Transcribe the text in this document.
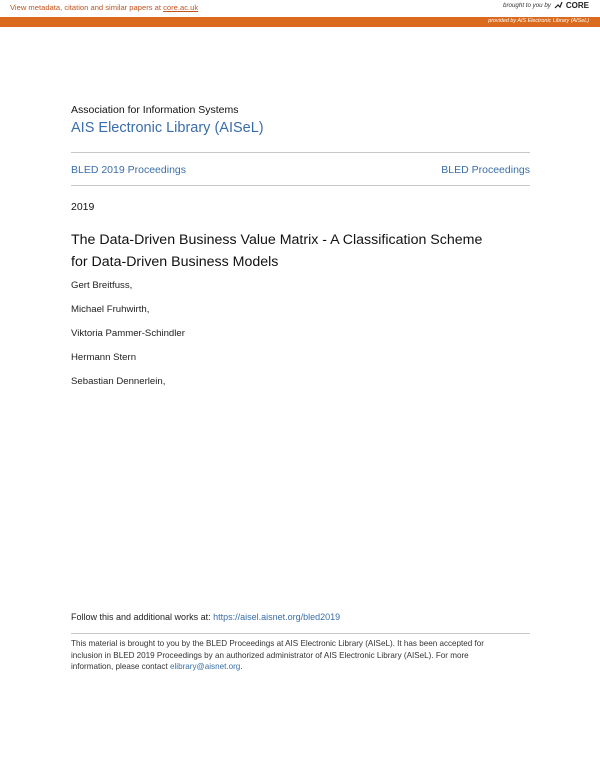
View metadata, citation and similar papers at core.ac.uk	brought to you by CORE
provided by AIS Electronic Library (AISeL)
Association for Information Systems
AIS Electronic Library (AISeL)
BLED 2019 Proceedings	BLED Proceedings
2019
The Data-Driven Business Value Matrix - A Classification Scheme
for Data-Driven Business Models
Gert Breitfuss,
Michael Fruhwirth,
Viktoria Pammer-Schindler
Hermann Stern
Sebastian Dennerlein,
Follow this and additional works at: https://aisel.aisnet.org/bled2019
This material is brought to you by the BLED Proceedings at AIS Electronic Library (AISeL). It has been accepted for
inclusion in BLED 2019 Proceedings by an authorized administrator of AIS Electronic Library (AISeL). For more
information, please contact elibrary@aisnet.org.
